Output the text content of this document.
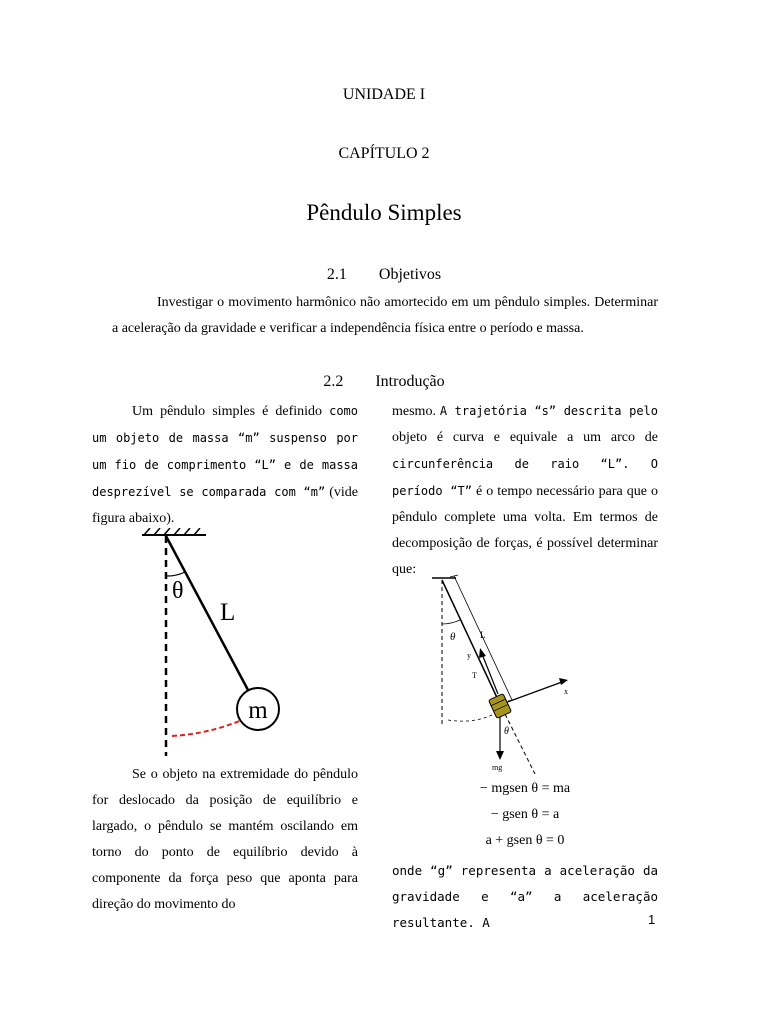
UNIDADE I
CAPÍTULO 2
Pêndulo Simples
2.1 Objetivos
Investigar o movimento harmônico não amortecido em um pêndulo simples. Determinar a aceleração da gravidade e verificar a independência física entre o período e massa.
2.2 Introdução
Um pêndulo simples é definido como um objeto de massa “m” suspenso por um fio de comprimento “L” e de massa desprezível se comparada com “m” (vide figura abaixo).
θ
L
m
Se o objeto na extremidade do pêndulo for deslocado da posição de equilíbrio e largado, o pêndulo se mantém oscilando em torno do ponto de equilíbrio devido à componente da força peso que aponta para direção do movimento do
mesmo. A trajetória “s” descrita pelo objeto é curva e equivale a um arco de circunferência de raio “L”. O período “T” é o tempo necessário para que o pêndulo complete uma volta. Em termos de decomposição de forças, é possível determinar que:
θ	L
y
T
x
θ
mg
− mgsen θ = ma
− gsen θ = a
a + gsen θ = 0
onde “g” representa a aceleração da gravidade e “a” a aceleração resultante. A	1
